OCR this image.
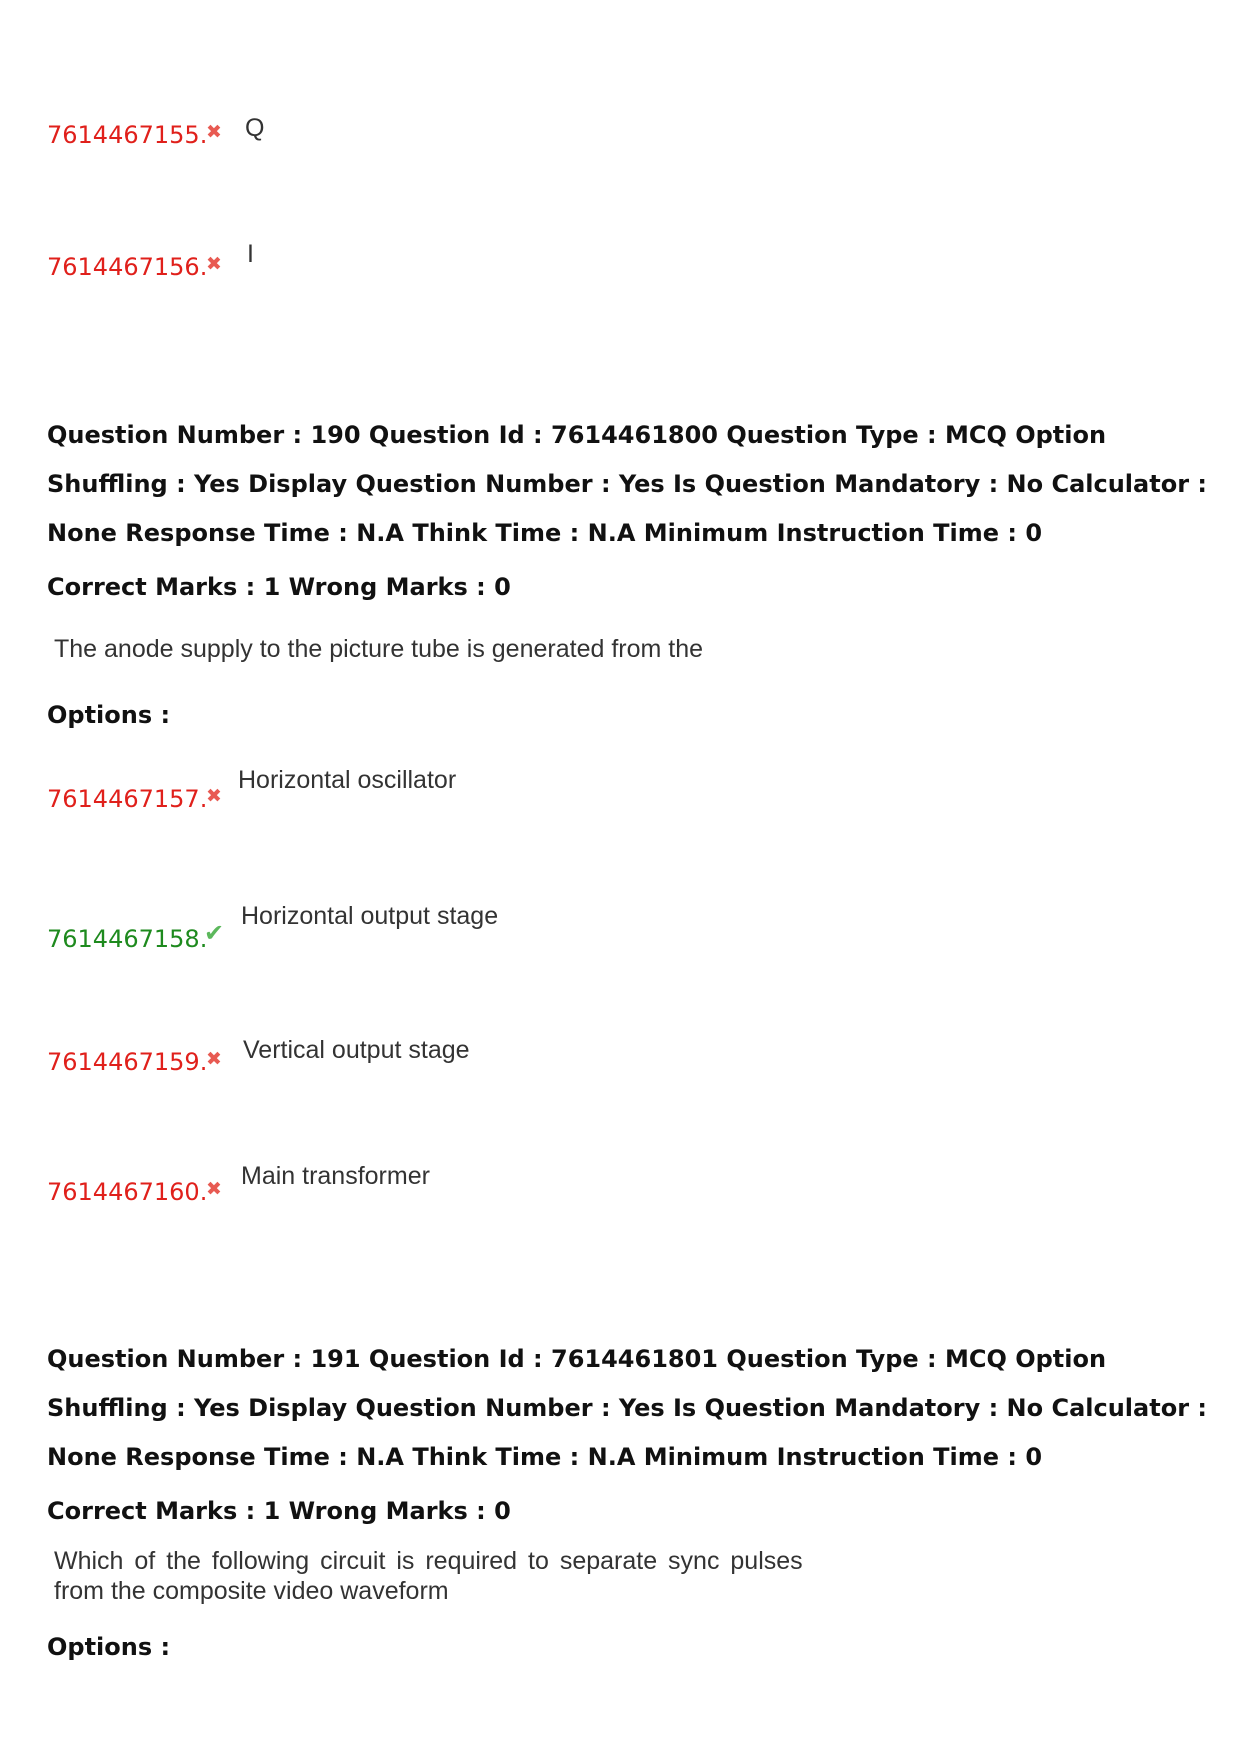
7614467155.
✖ Q
7614467156.
✖ I
Question Number : 190 Question Id : 7614461800 Question Type : MCQ Option Shuffling : Yes Display Question Number : Yes Is Question Mandatory : No Calculator : None Response Time : N.A Think Time : N.A Minimum Instruction Time : 0
Correct Marks : 1 Wrong Marks : 0
The anode supply to the picture tube is generated from the
Options :
7614467157.
✖
Horizontal oscillator
7614467158.
✔
Horizontal output stage
7614467159.
✖ Vertical output stage
7614467160.
✖ Main transformer
Question Number : 191 Question Id : 7614461801 Question Type : MCQ Option Shuffling : Yes Display Question Number : Yes Is Question Mandatory : No Calculator : None Response Time : N.A Think Time : N.A Minimum Instruction Time : 0
Correct Marks : 1 Wrong Marks : 0
Which of the following circuit is required to separate sync pulses
from the composite video waveform
Options :
